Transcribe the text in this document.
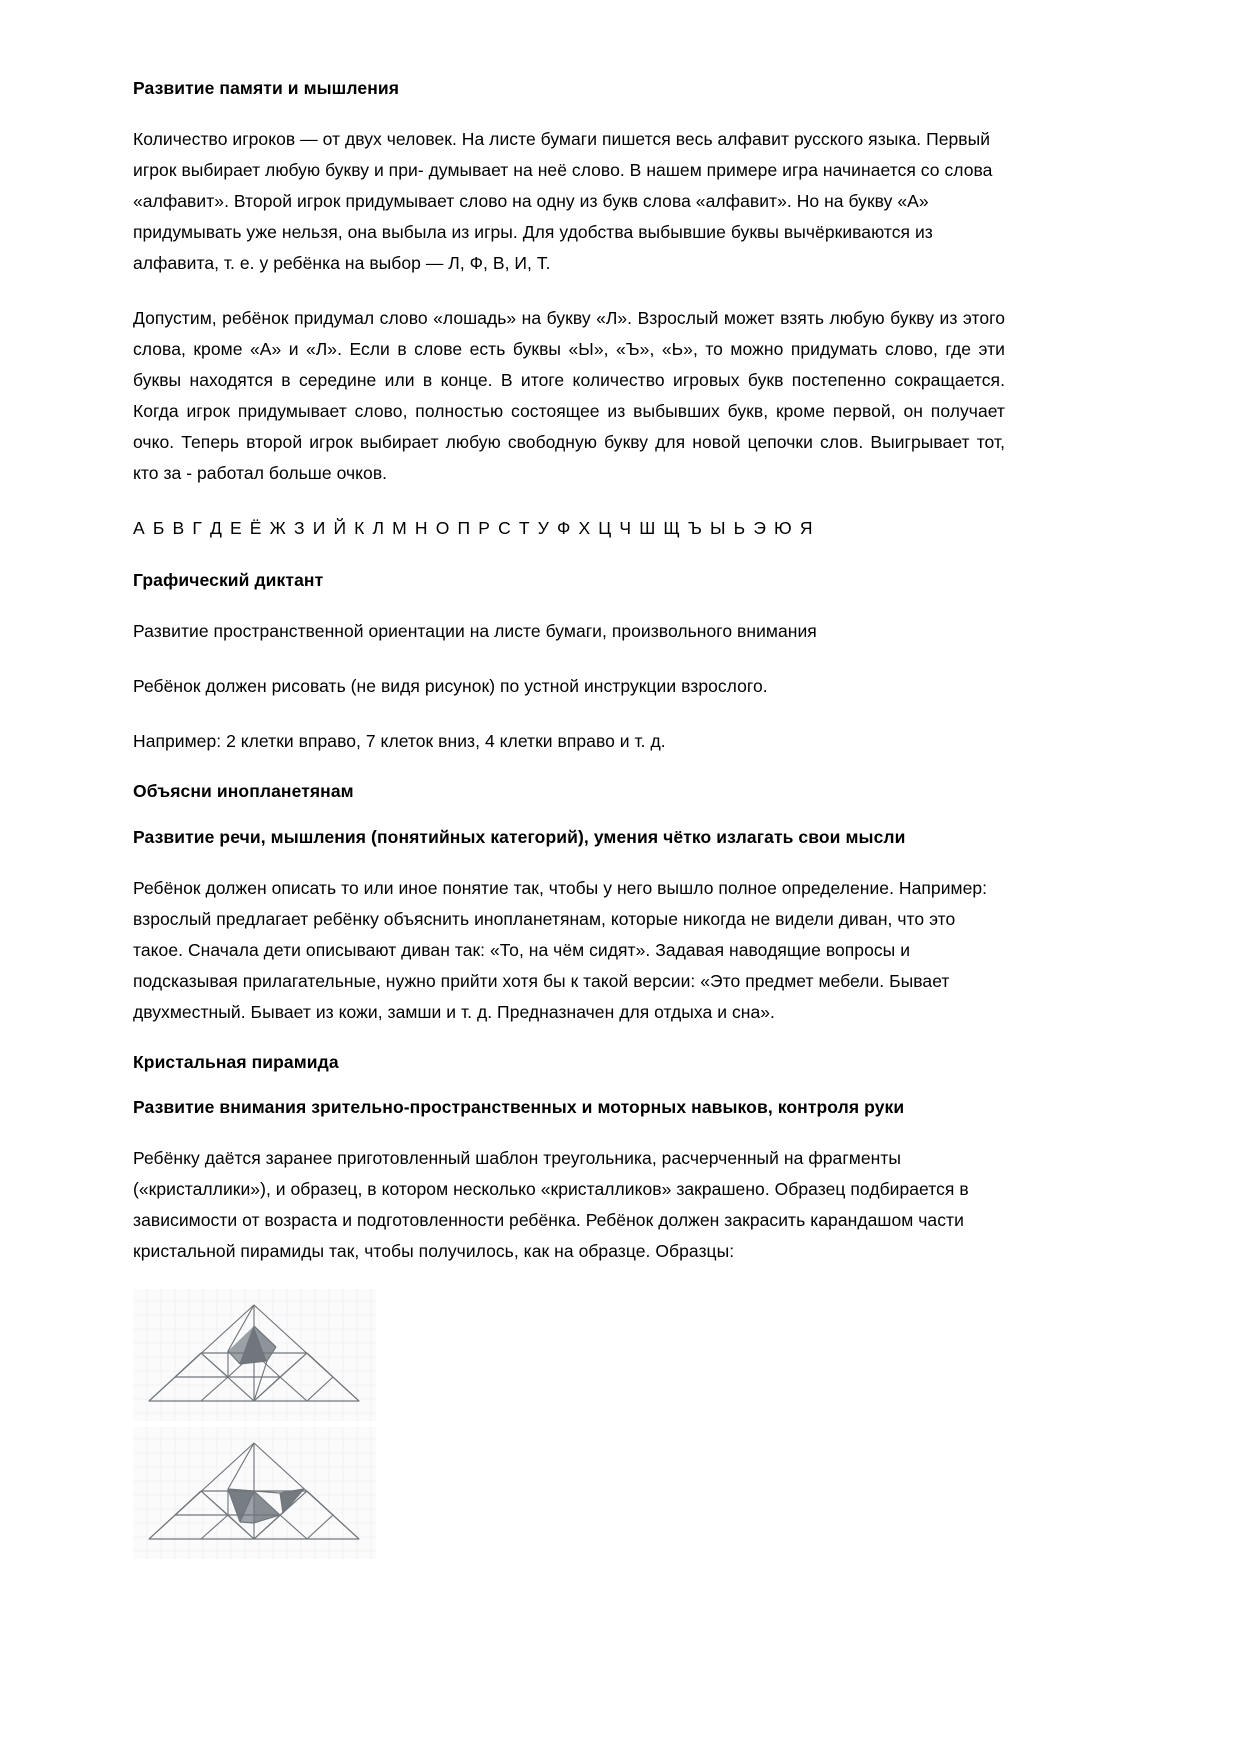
Развитие памяти и мышления

Количество игроков — от двух человек. На листе бумаги пишется весь алфавит русского языка. Первый игрок выбирает любую букву и при- думывает на неё слово. В нашем примере игра начинается со слова «алфавит». Второй игрок придумывает слово на одну из букв слова «алфавит». Но на букву «А» придумывать уже нельзя, она выбыла из игры. Для удобства выбывшие буквы вычёркиваются из алфавита, т. е. у ребёнка на выбор — Л, Ф, В, И, Т.

Допустим, ребёнок придумал слово «лошадь» на букву «Л». Взрослый может взять любую букву из этого слова, кроме «А» и «Л». Если в слове есть буквы «Ы», «Ъ», «Ь», то можно придумать слово, где эти буквы находятся в середине или в конце. В итоге количество игровых букв постепенно сокращается. Когда игрок придумывает слово, полностью состоящее из выбывших букв, кроме первой, он получает очко. Теперь второй игрок выбирает любую свободную букву для новой цепочки слов. Выигрывает тот, кто за - работал больше очков.

А Б В Г Д Е Ё Ж З И Й К Л М Н О П Р С Т У Ф Х Ц Ч Ш Щ Ъ Ы Ь Э Ю Я

Графический диктант

Развитие пространственной ориентации на листе бумаги, произвольного внимания

Ребёнок должен рисовать (не видя рисунок) по устной инструкции взрослого.

Например: 2 клетки вправо, 7 клеток вниз, 4 клетки вправо и т. д.

Объясни инопланетянам
Развитие речи, мышления (понятийных категорий), умения чётко излагать свои мысли

Ребёнок должен описать то или иное понятие так, чтобы у него вышло полное определение. Например: взрослый предлагает ребёнку объяснить инопланетянам, которые никогда не видели диван, что это такое. Сначала дети описывают диван так: «То, на чём сидят». Задавая наводящие вопросы и подсказывая прилагательные, нужно прийти хотя бы к такой версии: «Это предмет мебели. Бывает двухместный. Бывает из кожи, замши и т. д. Предназначен для отдыха и сна».

Кристальная пирамида
Развитие внимания зрительно-пространственных и моторных навыков, контроля руки

Ребёнку даётся заранее приготовленный шаблон треугольника, расчерченный на фрагменты («кристаллики»), и образец, в котором несколько «кристалликов» закрашено. Образец подбирается в зависимости от возраста и подготовленности ребёнка. Ребёнок должен закрасить карандашом части кристальной пирамиды так, чтобы получилось, как на образце. Образцы:
